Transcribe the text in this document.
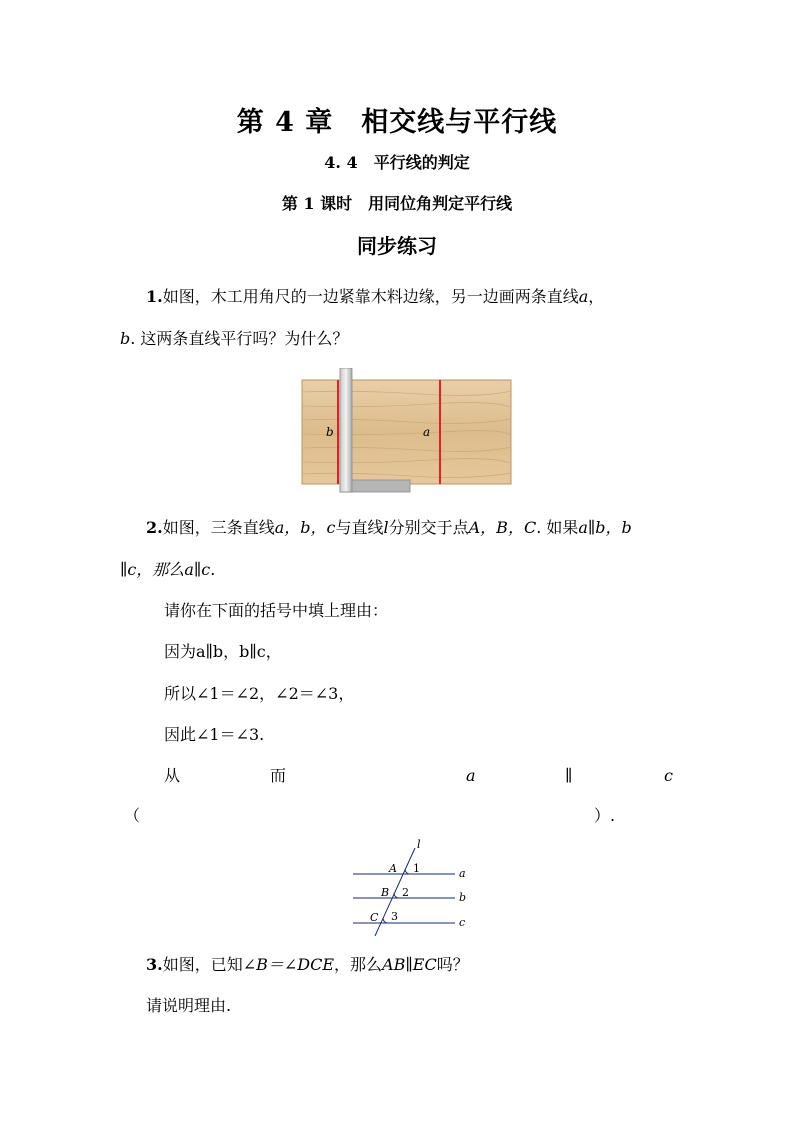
第 4 章　相交线与平行线
4. 4　平行线的判定
第 1 课时　用同位角判定平行线
同步练习
1.如图，木工用角尺的一边紧靠木料边缘，另一边画两条直线a，
b. 这两条直线平行吗？为什么？
b	a
2.如图，三条直线a，b，c与直线l分别交于点A，B，C. 如果a∥b，b
∥c，那么a∥c.
请你在下面的括号中填上理由：
因为a∥b，b∥c，
所以∠1＝∠2，∠2＝∠3，
因此∠1＝∠3.
从	而	a	∥	c
（	）.
l
A
B
C
1
2
3
a
b
c
3.如图，已知∠B＝∠DCE，那么AB∥EC吗？
请说明理由.
